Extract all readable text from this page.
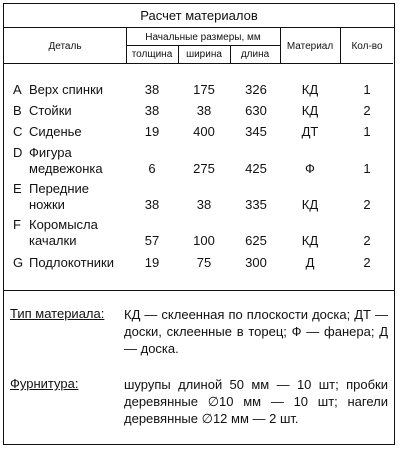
Расчет материалов
Деталь
Начальные размеры, мм
толщина	ширина	длина
Материал	Кол-во
A Верх спинки	38	175	326	КД	1
B Стойки	38	38	630	КД	2
C Сиденье	19	400	345	ДТ	1
D Фигура медвежонка	6	275	425	Ф	1
E Передние ножки	38	38	335	КД	2
F Коромысла качалки	57	100	625	КД	2
G Подлокотники	19	75	300	Д	2
Тип материала: КД — склеенная по плоскости доска; ДТ — доски, склеенные в торец; Ф — фанера; Д — доска.
Фурнитура:	шурупы длиной 50 мм — 10 шт; пробки деревянные ∅10 мм — 10 шт; нагели деревянные ∅12 мм — 2 шт.
